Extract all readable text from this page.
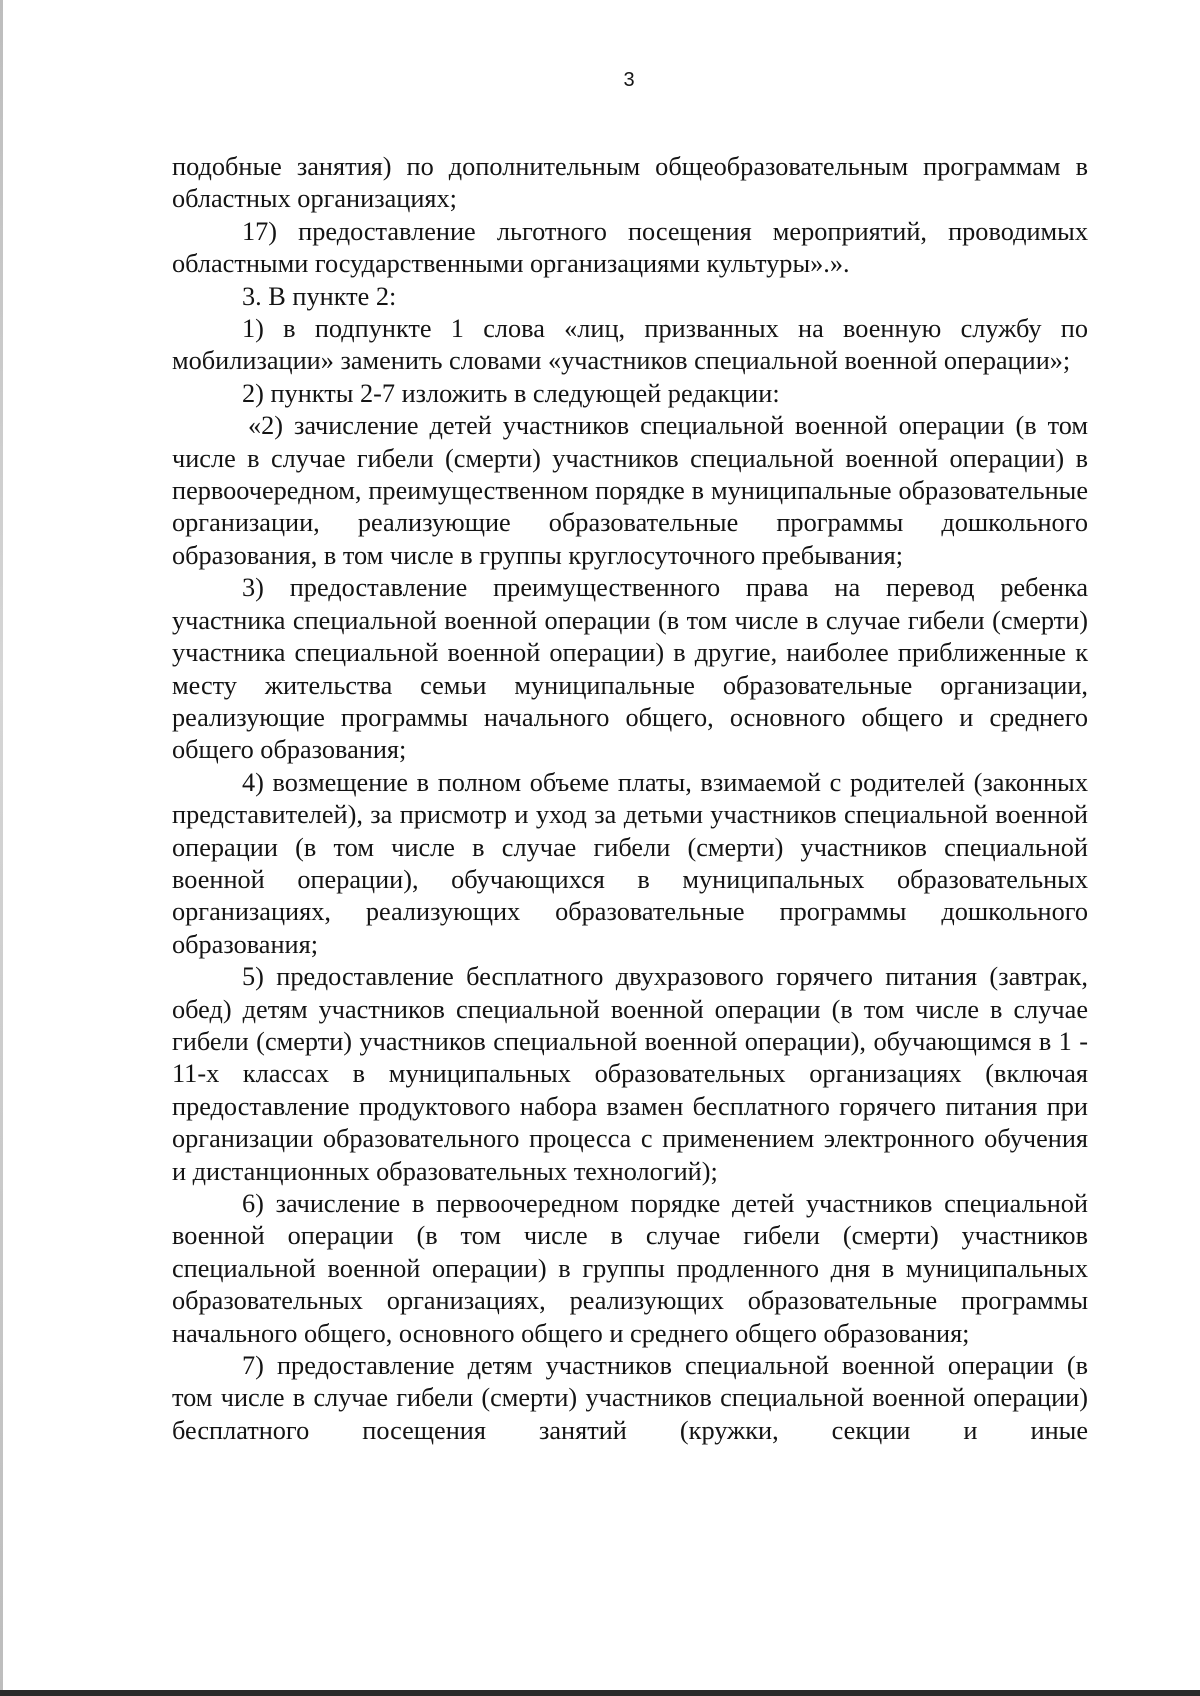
3

подобные занятия) по дополнительным общеобразовательным программам в областных организациях;

17) предоставление льготного посещения мероприятий, проводимых областными государственными организациями культуры».».

3. В пункте 2:

1) в подпункте 1 слова «лиц, призванных на военную службу по мобилизации» заменить словами «участников специальной военной операции»;

2) пункты 2-7 изложить в следующей редакции:

«2) зачисление детей участников специальной военной операции (в том числе в случае гибели (смерти) участников специальной военной операции) в первоочередном, преимущественном порядке в муниципальные образовательные организации, реализующие образовательные программы дошкольного образования, в том числе в группы круглосуточного пребывания;

3) предоставление преимущественного права на перевод ребенка участника специальной военной операции (в том числе в случае гибели (смерти) участника специальной военной операции) в другие, наиболее приближенные к месту жительства семьи муниципальные образовательные организации, реализующие программы начального общего, основного общего и среднего общего образования;

4) возмещение в полном объеме платы, взимаемой с родителей (законных представителей), за присмотр и уход за детьми участников специальной военной операции (в том числе в случае гибели (смерти) участников специальной военной операции), обучающихся в муниципальных образовательных организациях, реализующих образовательные программы дошкольного образования;

5) предоставление бесплатного двухразового горячего питания (завтрак, обед) детям участников специальной военной операции (в том числе в случае гибели (смерти) участников специальной военной операции), обучающимся в 1 - 11-х классах в муниципальных образовательных организациях (включая предоставление продуктового набора взамен бесплатного горячего питания при организации образовательного процесса с применением электронного обучения и дистанционных образовательных технологий);

6) зачисление в первоочередном порядке детей участников специальной военной операции (в том числе в случае гибели (смерти) участников специальной военной операции) в группы продленного дня в муниципальных образовательных организациях, реализующих образовательные программы начального общего, основного общего и среднего общего образования;

7) предоставление детям участников специальной военной операции (в том числе в случае гибели (смерти) участников специальной военной операции) бесплатного посещения занятий (кружки, секции и иные
